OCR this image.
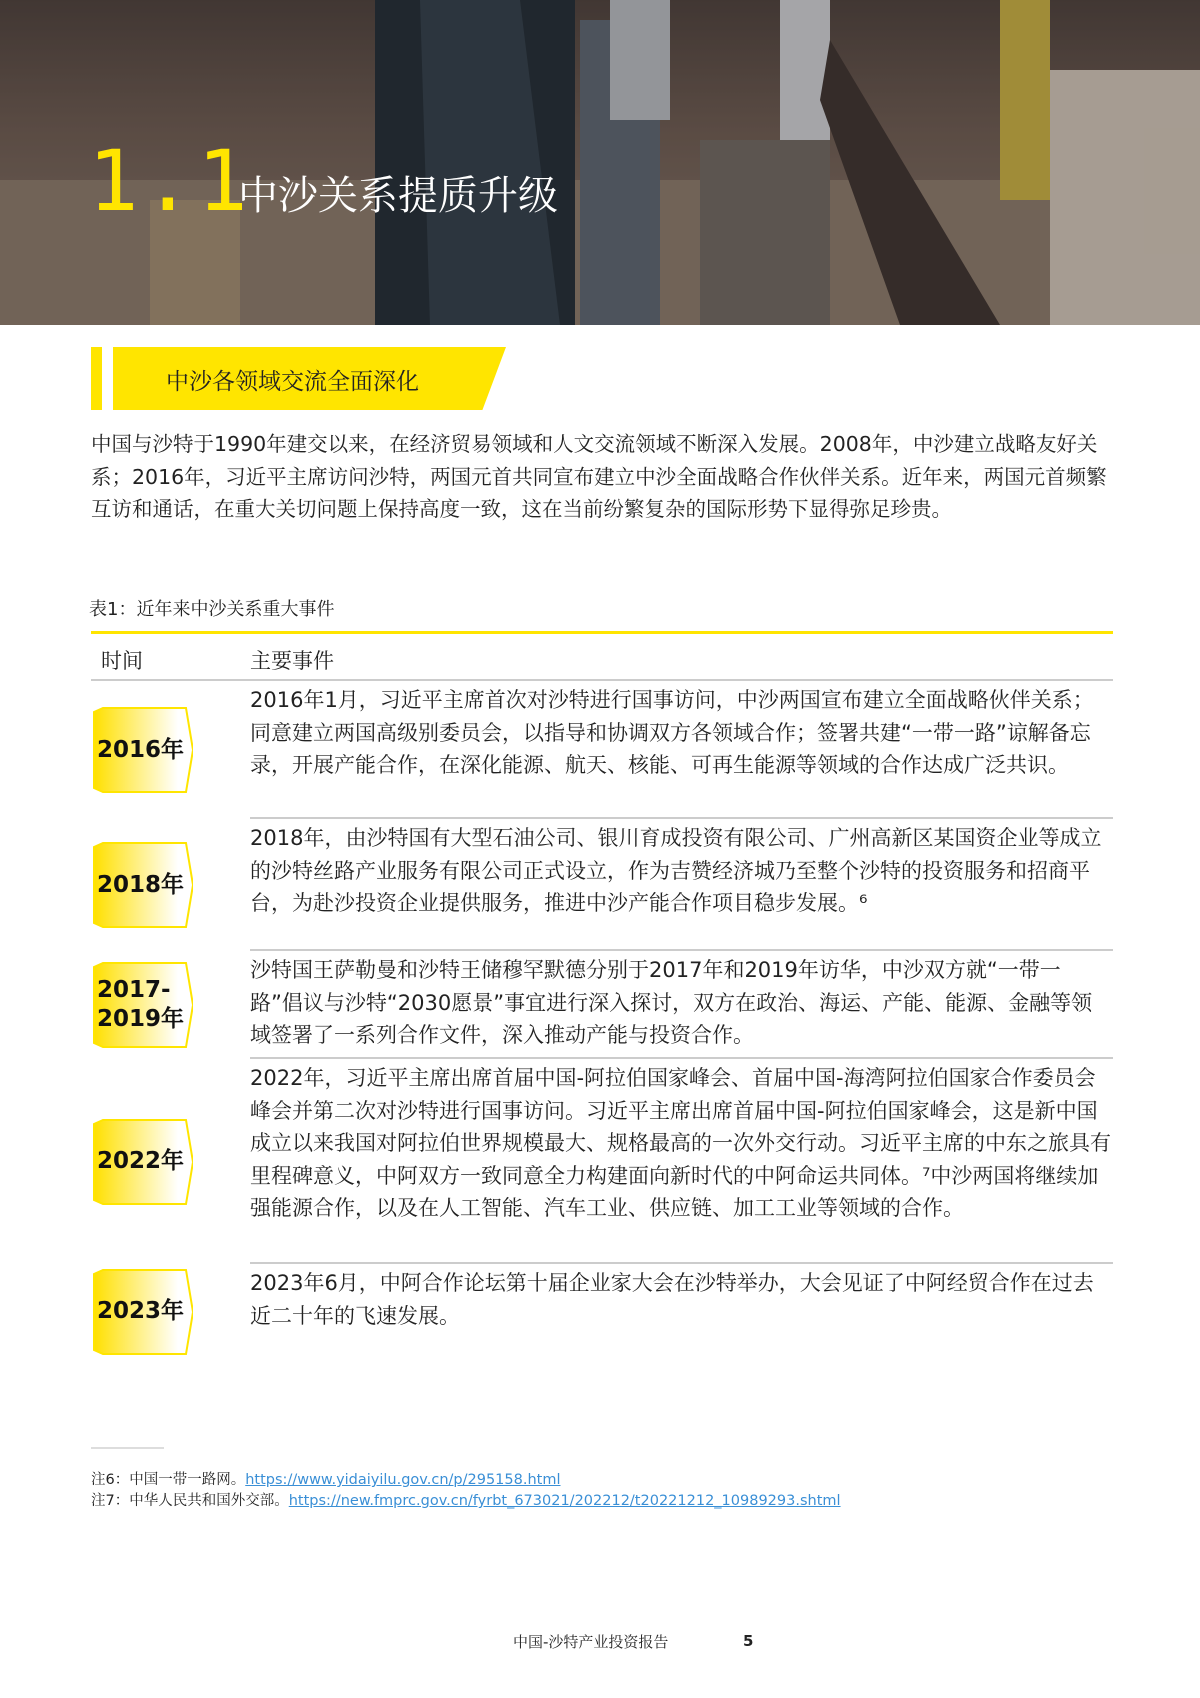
1.1
中沙关系提质升级
中沙各领域交流全面深化

中国与沙特于1990年建交以来，在经济贸易领域和人文交流领域不断深入发展。2008年，中沙建立战略友好关系；2016年，习近平主席访问沙特，两国元首共同宣布建立中沙全面战略合作伙伴关系。近年来，两国元首频繁互访和通话，在重大关切问题上保持高度一致，这在当前纷繁复杂的国际形势下显得弥足珍贵。

表1：近年来中沙关系重大事件
时间	主要事件
2016年
2016年1月，习近平主席首次对沙特进行国事访问，中沙两国宣布建立全面战略伙伴关系；同意建立两国高级别委员会，以指导和协调双方各领域合作；签署共建“一带一路”谅解备忘录，开展产能合作，在深化能源、航天、核能、可再生能源等领域的合作达成广泛共识。
2018年
2018年，由沙特国有大型石油公司、银川育成投资有限公司、广州高新区某国资企业等成立的沙特丝路产业服务有限公司正式设立，作为吉赞经济城乃至整个沙特的投资服务和招商平台，为赴沙投资企业提供服务，推进中沙产能合作项目稳步发展。⁶
2017-2019年
沙特国王萨勒曼和沙特王储穆罕默德分别于2017年和2019年访华，中沙双方就“一带一路”倡议与沙特“2030愿景”事宜进行深入探讨，双方在政治、海运、产能、能源、金融等领域签署了一系列合作文件，深入推动产能与投资合作。
2022年
2022年，习近平主席出席首届中国-阿拉伯国家峰会、首届中国-海湾阿拉伯国家合作委员会峰会并第二次对沙特进行国事访问。习近平主席出席首届中国-阿拉伯国家峰会，这是新中国成立以来我国对阿拉伯世界规模最大、规格最高的一次外交行动。习近平主席的中东之旅具有里程碑意义，中阿双方一致同意全力构建面向新时代的中阿命运共同体。⁷中沙两国将继续加强能源合作，以及在人工智能、汽车工业、供应链、加工工业等领域的合作。
2023年
2023年6月，中阿合作论坛第十届企业家大会在沙特举办，大会见证了中阿经贸合作在过去近二十年的飞速发展。
注6：中国一带一路网。https://www.yidaiyilu.gov.cn/p/295158.html
注7：中华人民共和国外交部。https://new.fmprc.gov.cn/fyrbt_673021/202212/t20221212_10989293.shtml
中国-沙特产业投资报告	5
